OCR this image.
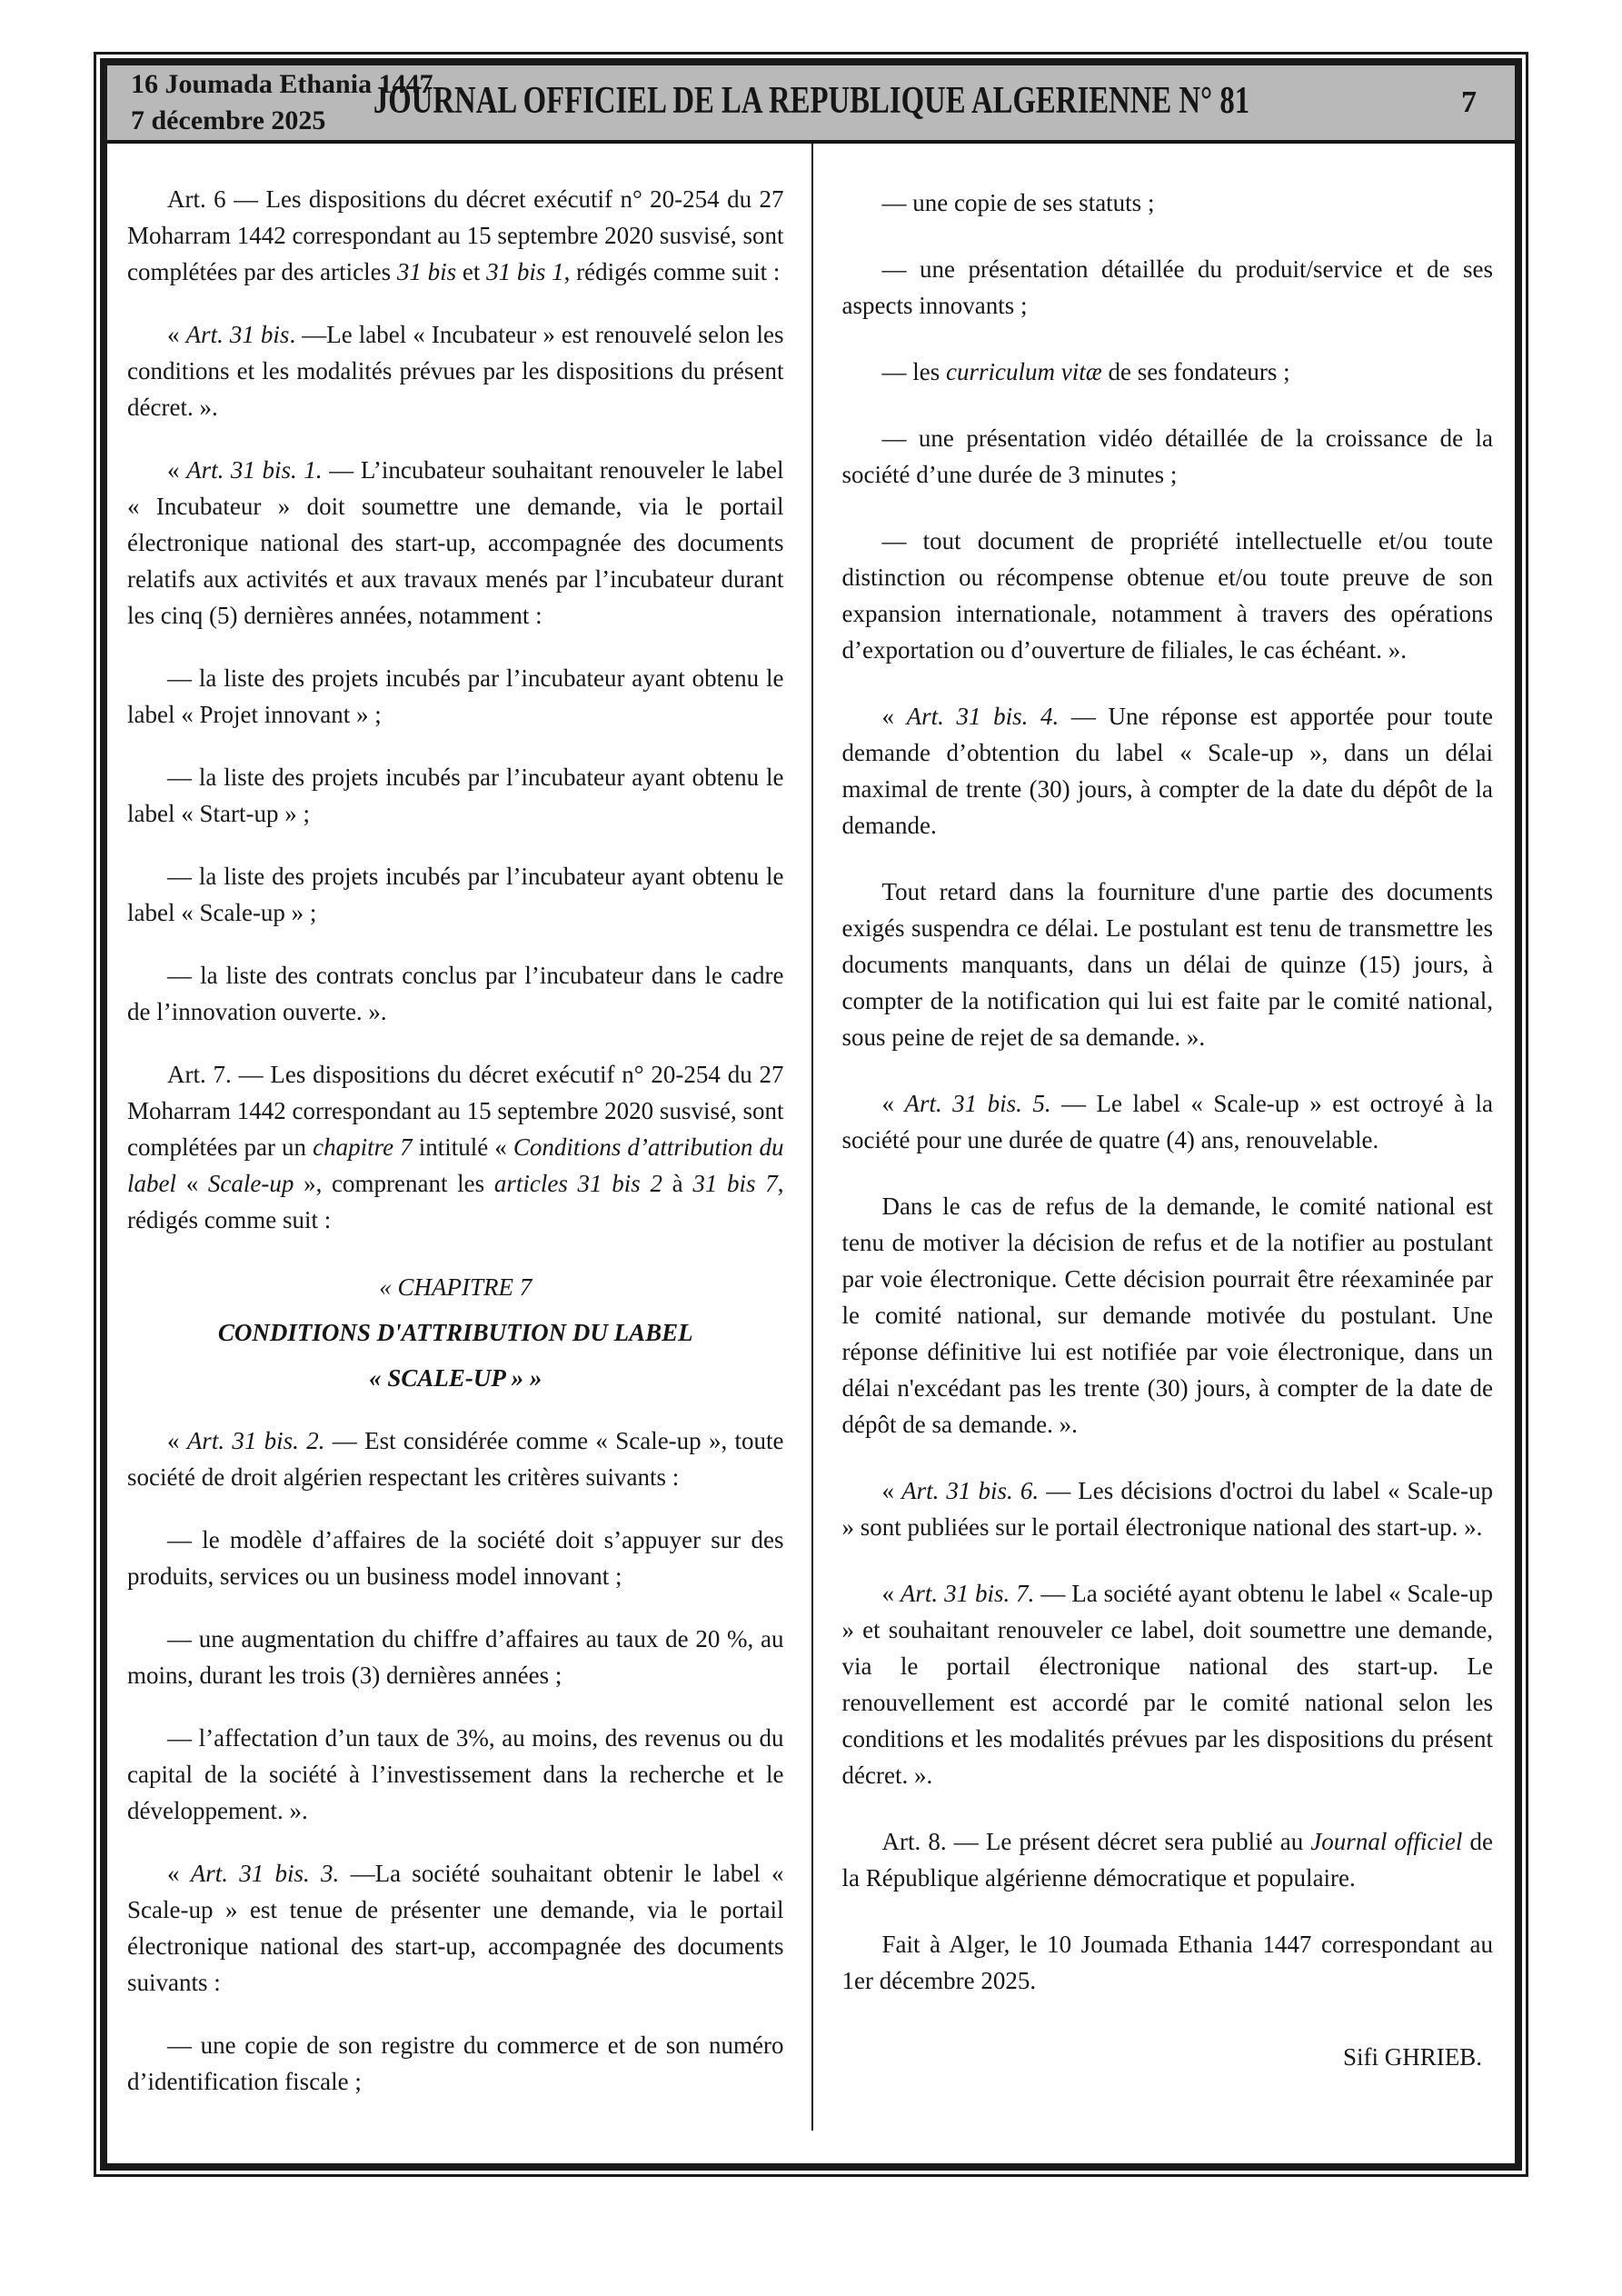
16 Joumada Ethania 1447
7 décembre 2025	JOURNAL OFFICIEL DE LA REPUBLIQUE ALGERIENNE N° 81	7

Art. 6 — Les dispositions du décret exécutif n° 20-254 du 27 Moharram 1442 correspondant au 15 septembre 2020 susvisé, sont complétées par des articles 31 bis et 31 bis 1, rédigés comme suit :

« Art. 31 bis. —Le label « Incubateur » est renouvelé selon les conditions et les modalités prévues par les dispositions du présent décret. ».

« Art. 31 bis. 1. — L’incubateur souhaitant renouveler le label « Incubateur » doit soumettre une demande, via le portail électronique national des start-up, accompagnée des documents relatifs aux activités et aux travaux menés par l’incubateur durant les cinq (5) dernières années, notamment :

— la liste des projets incubés par l’incubateur ayant obtenu le label « Projet innovant » ;

— la liste des projets incubés par l’incubateur ayant obtenu le label « Start-up » ;

— la liste des projets incubés par l’incubateur ayant obtenu le label « Scale-up » ;

— la liste des contrats conclus par l’incubateur dans le cadre de l’innovation ouverte. ».

Art. 7. — Les dispositions du décret exécutif n° 20-254 du 27 Moharram 1442 correspondant au 15 septembre 2020 susvisé, sont complétées par un chapitre 7 intitulé « Conditions d’attribution du label « Scale-up », comprenant les articles 31 bis 2 à 31 bis 7, rédigés comme suit :

« CHAPITRE 7

CONDITIONS D'ATTRIBUTION DU LABEL

« SCALE-UP » »

« Art. 31 bis. 2. — Est considérée comme « Scale-up », toute société de droit algérien respectant les critères suivants :

— le modèle d’affaires de la société doit s’appuyer sur des produits, services ou un business model innovant ;

— une augmentation du chiffre d’affaires au taux de 20 %, au moins, durant les trois (3) dernières années ;

— l’affectation d’un taux de 3%, au moins, des revenus ou du capital de la société à l’investissement dans la recherche et le développement. ».

« Art. 31 bis. 3. —La société souhaitant obtenir le label « Scale-up » est tenue de présenter une demande, via le portail électronique national des start-up, accompagnée des documents suivants :

— une copie de son registre du commerce et de son numéro d’identification fiscale ;

— une copie de ses statuts ;

— une présentation détaillée du produit/service et de ses aspects innovants ;

— les curriculum vitæ de ses fondateurs ;

— une présentation vidéo détaillée de la croissance de la société d’une durée de 3 minutes ;

— tout document de propriété intellectuelle et/ou toute distinction ou récompense obtenue et/ou toute preuve de son expansion internationale, notamment à travers des opérations d’exportation ou d’ouverture de filiales, le cas échéant. ».

« Art. 31 bis. 4. — Une réponse est apportée pour toute demande d’obtention du label « Scale-up », dans un délai maximal de trente (30) jours, à compter de la date du dépôt de la demande.

Tout retard dans la fourniture d'une partie des documents exigés suspendra ce délai. Le postulant est tenu de transmettre les documents manquants, dans un délai de quinze (15) jours, à compter de la notification qui lui est faite par le comité national, sous peine de rejet de sa demande. ».

« Art. 31 bis. 5. — Le label « Scale-up » est octroyé à la société pour une durée de quatre (4) ans, renouvelable.

Dans le cas de refus de la demande, le comité national est tenu de motiver la décision de refus et de la notifier au postulant par voie électronique. Cette décision pourrait être réexaminée par le comité national, sur demande motivée du postulant. Une réponse définitive lui est notifiée par voie électronique, dans un délai n'excédant pas les trente (30) jours, à compter de la date de dépôt de sa demande. ».

« Art. 31 bis. 6. — Les décisions d'octroi du label « Scale-up » sont publiées sur le portail électronique national des start-up. ».

« Art. 31 bis. 7. — La société ayant obtenu le label « Scale-up » et souhaitant renouveler ce label, doit soumettre une demande, via le portail électronique national des start-up. Le renouvellement est accordé par le comité national selon les conditions et les modalités prévues par les dispositions du présent décret. ».

Art. 8. — Le présent décret sera publié au Journal officiel de la République algérienne démocratique et populaire.

Fait à Alger, le 10 Joumada Ethania 1447 correspondant au 1er décembre 2025.

Sifi GHRIEB.
